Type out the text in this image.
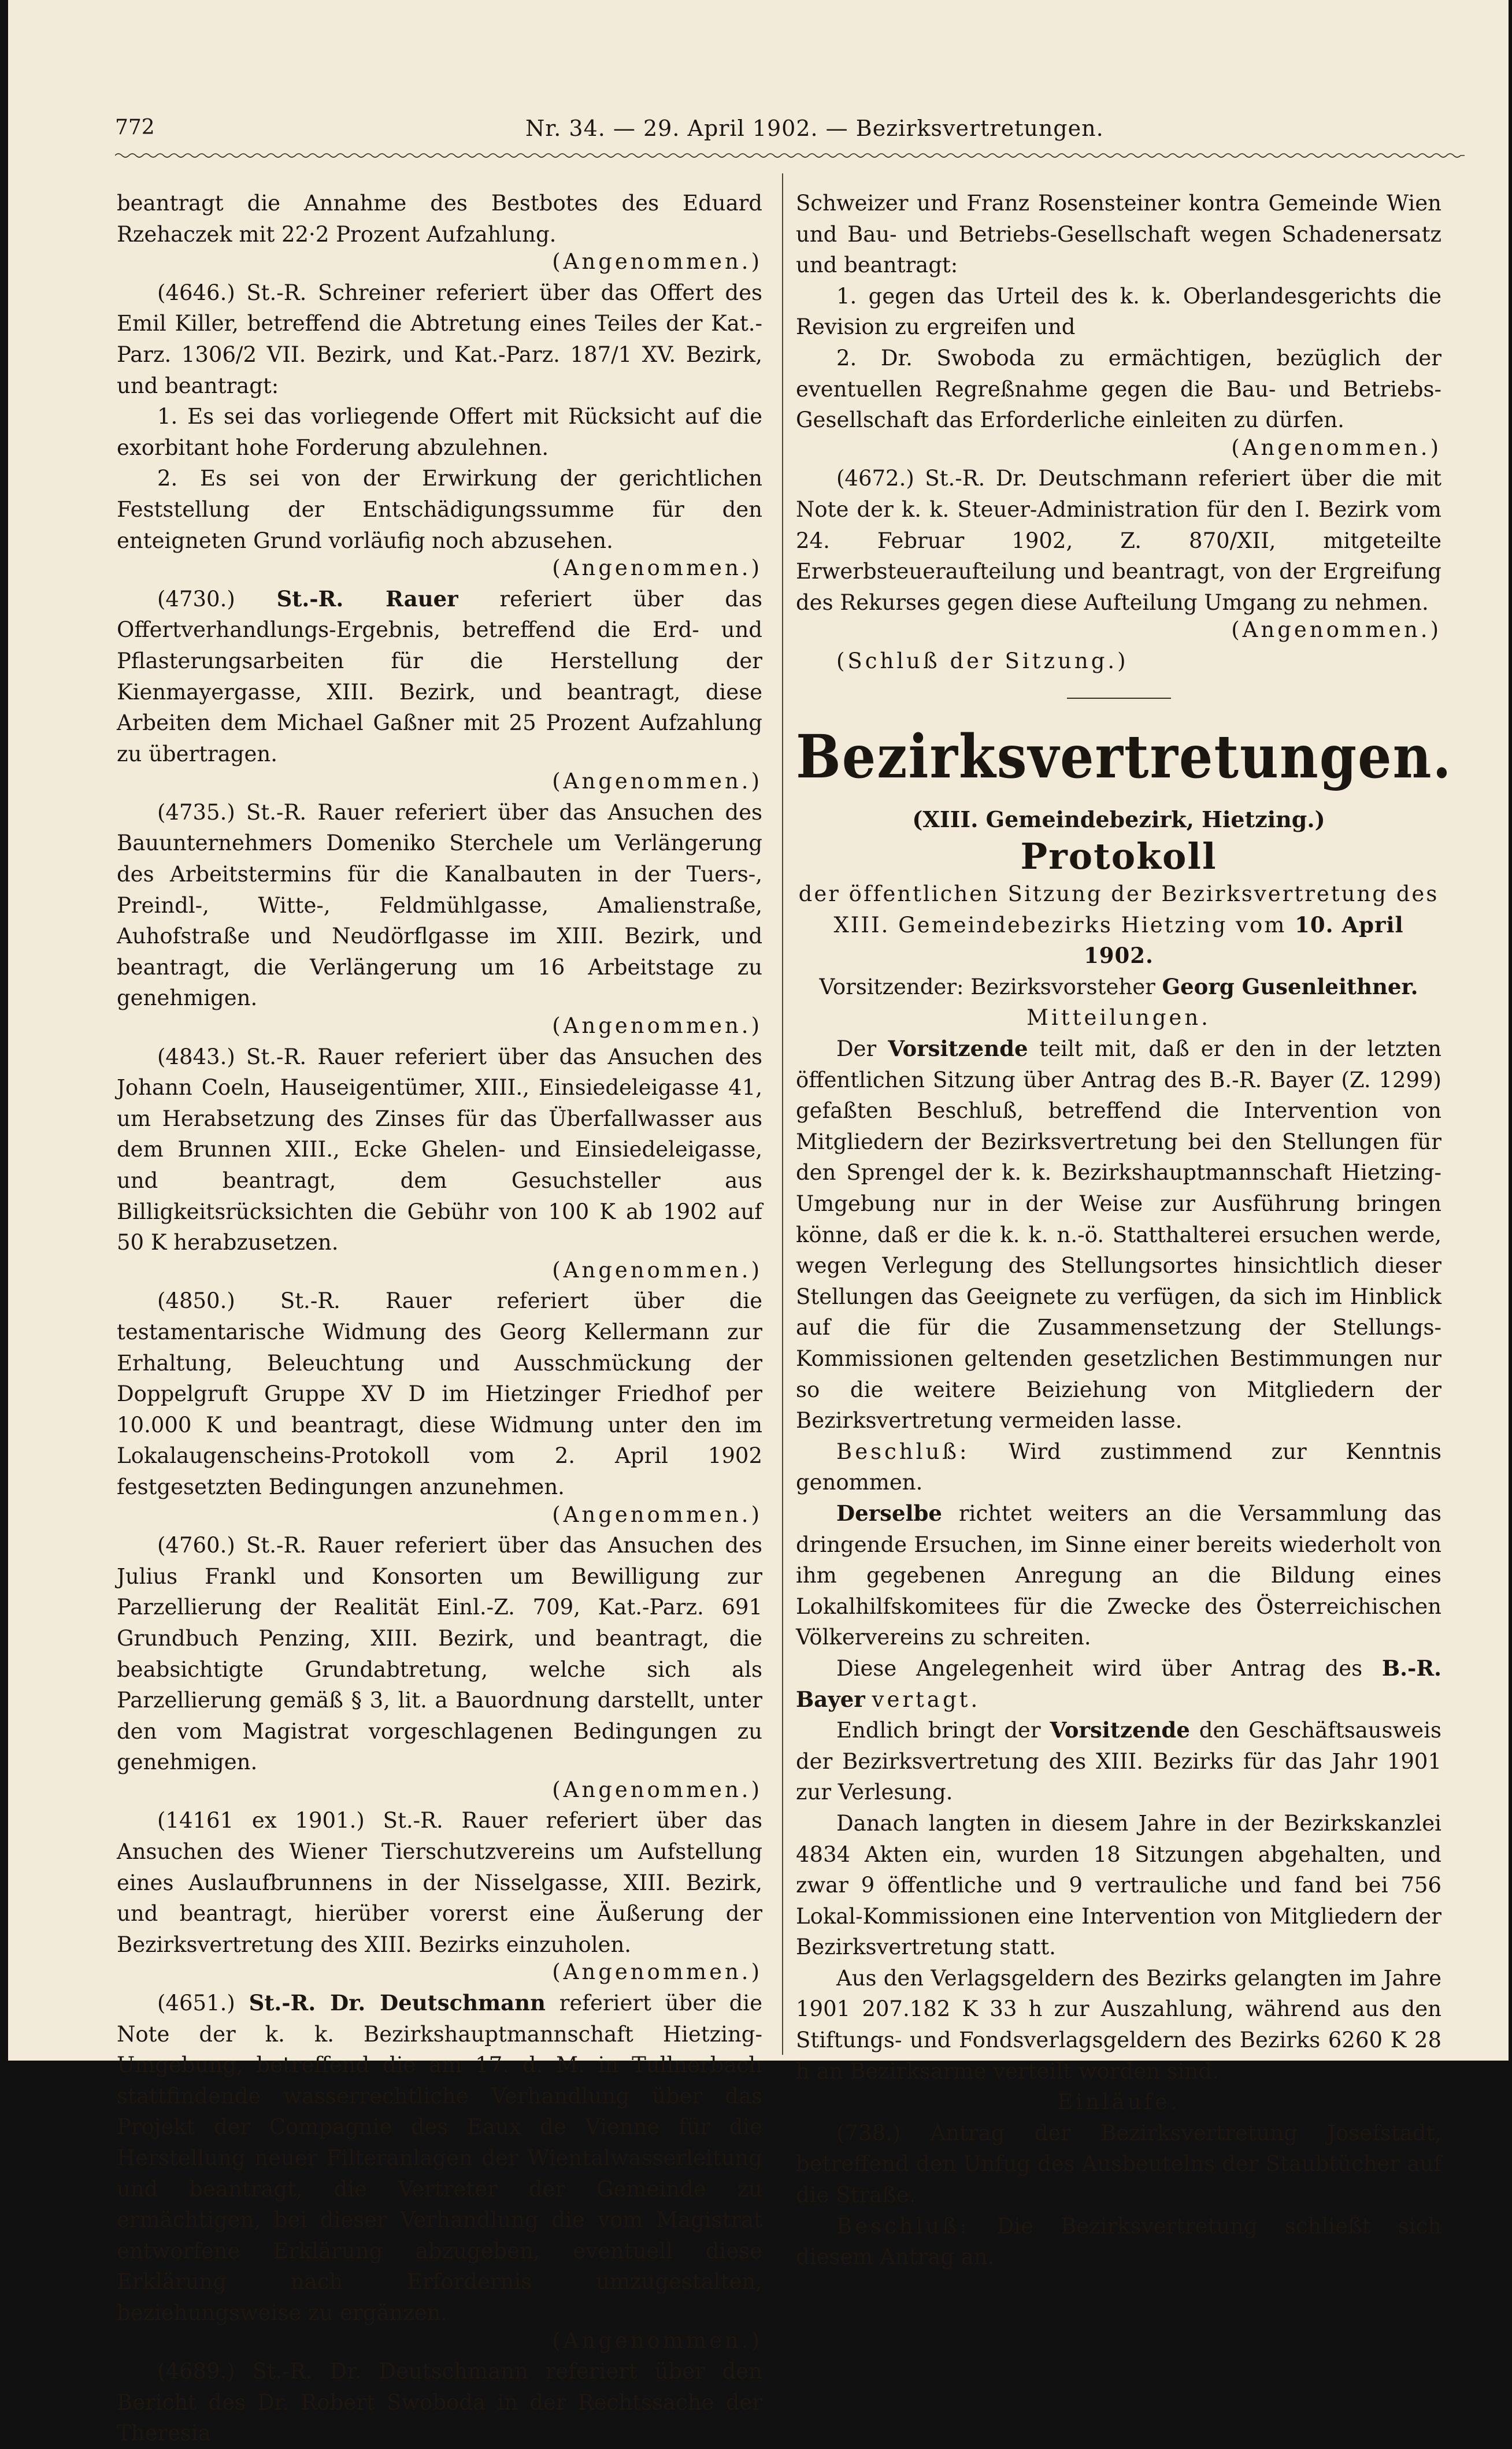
772	Nr. 34. — 29. April 1902. — Bezirksvertretungen.
beantragt die Annahme des Bestbotes des Eduard Rzehaczek mit 22·2 Prozent Aufzahlung.
(Angenommen.)
(4646.) St.-R. Schreiner referiert über das Offert des Emil Killer, betreffend die Abtretung eines Teiles der Kat.-Parz. 1306/2 VII. Bezirk, und Kat.-Parz. 187/1 XV. Bezirk, und beantragt:
1. Es sei das vorliegende Offert mit Rücksicht auf die exorbitant hohe Forderung abzulehnen.
2. Es sei von der Erwirkung der gerichtlichen Feststellung der Entschädigungssumme für den enteigneten Grund vorläufig noch abzusehen.
(Angenommen.)
(4730.) St.-R. Rauer referiert über das Offertverhandlungs-Ergebnis, betreffend die Erd- und Pflasterungsarbeiten für die Herstellung der Kienmayergasse, XIII. Bezirk, und beantragt, diese Arbeiten dem Michael Gaßner mit 25 Prozent Aufzahlung zu übertragen.
(Angenommen.)
(4735.) St.-R. Rauer referiert über das Ansuchen des Bauunternehmers Domeniko Sterchele um Verlängerung des Arbeitstermins für die Kanalbauten in der Tuers-, Preindl-, Witte-, Feldmühlgasse, Amalienstraße, Auhofstraße und Neudörflgasse im XIII. Bezirk, und beantragt, die Verlängerung um 16 Arbeitstage zu genehmigen.
(Angenommen.)
(4843.) St.-R. Rauer referiert über das Ansuchen des Johann Coeln, Hauseigentümer, XIII., Einsiedeleigasse 41, um Herabsetzung des Zinses für das Überfallwasser aus dem Brunnen XIII., Ecke Ghelen- und Einsiedeleigasse, und beantragt, dem Gesuchsteller aus Billigkeitsrücksichten die Gebühr von 100 K ab 1902 auf 50 K herabzusetzen.
(Angenommen.)
(4850.) St.-R. Rauer referiert über die testamentarische Widmung des Georg Kellermann zur Erhaltung, Beleuchtung und Ausschmückung der Doppelgruft Gruppe XV D im Hietzinger Friedhof per 10.000 K und beantragt, diese Widmung unter den im Lokalaugenscheins-Protokoll vom 2. April 1902 festgesetzten Bedingungen anzunehmen.
(Angenommen.)
(4760.) St.-R. Rauer referiert über das Ansuchen des Julius Frankl und Konsorten um Bewilligung zur Parzellierung der Realität Einl.-Z. 709, Kat.-Parz. 691 Grundbuch Penzing, XIII. Bezirk, und beantragt, die beabsichtigte Grundabtretung, welche sich als Parzellierung gemäß § 3, lit. a Bauordnung darstellt, unter den vom Magistrat vorgeschlagenen Bedingungen zu genehmigen.
(Angenommen.)
(14161 ex 1901.) St.-R. Rauer referiert über das Ansuchen des Wiener Tierschutzvereins um Aufstellung eines Auslaufbrunnens in der Nisselgasse, XIII. Bezirk, und beantragt, hierüber vorerst eine Äußerung der Bezirksvertretung des XIII. Bezirks einzuholen.
(Angenommen.)
(4651.) St.-R. Dr. Deutschmann referiert über die Note der k. k. Bezirkshauptmannschaft Hietzing-Umgebung, betreffend die am 17. d. M. in Tullnerbach stattfindende wasserrechtliche Verhandlung über das Projekt der Compagnie des Eaux de Vienne für die Herstellung neuer Filteranlagen der Wientalwasserleitung und beantragt, die Vertreter der Gemeinde zu ermächtigen, bei dieser Verhandlung die vom Magistrat entworfene Erklärung abzugeben, eventuell diese Erklärung nach Erfordernis umzugestalten, beziehungsweise zu ergänzen.
(Angenommen.)
(4689.) St.-R. Dr. Deutschmann referiert über den Bericht des Dr. Robert Swoboda in der Rechtssache der Theresia
Schweizer und Franz Rosensteiner kontra Gemeinde Wien und Bau- und Betriebs-Gesellschaft wegen Schadenersatz und beantragt:
1. gegen das Urteil des k. k. Oberlandesgerichts die Revision zu ergreifen und
2. Dr. Swoboda zu ermächtigen, bezüglich der eventuellen Regreßnahme gegen die Bau- und Betriebs-Gesellschaft das Erforderliche einleiten zu dürfen.
(Angenommen.)
(4672.) St.-R. Dr. Deutschmann referiert über die mit Note der k. k. Steuer-Administration für den I. Bezirk vom 24. Februar 1902, Z. 870/XII, mitgeteilte Erwerbsteueraufteilung und beantragt, von der Ergreifung des Rekurses gegen diese Aufteilung Umgang zu nehmen.
(Angenommen.)
(Schluß der Sitzung.)
Bezirksvertretungen.
(XIII. Gemeindebezirk, Hietzing.)
Protokoll
der öffentlichen Sitzung der Bezirksvertretung des
XIII. Gemeindebezirks Hietzing vom 10. April 1902.
Vorsitzender: Bezirksvorsteher Georg Gusenleithner.
Mitteilungen.
Der Vorsitzende teilt mit, daß er den in der letzten öffentlichen Sitzung über Antrag des B.-R. Bayer (Z. 1299) gefaßten Beschluß, betreffend die Intervention von Mitgliedern der Bezirksvertretung bei den Stellungen für den Sprengel der k. k. Bezirkshauptmannschaft Hietzing-Umgebung nur in der Weise zur Ausführung bringen könne, daß er die k. k. n.-ö. Statthalterei ersuchen werde, wegen Verlegung des Stellungsortes hinsichtlich dieser Stellungen das Geeignete zu verfügen, da sich im Hinblick auf die für die Zusammensetzung der Stellungs-Kommissionen geltenden gesetzlichen Bestimmungen nur so die weitere Beiziehung von Mitgliedern der Bezirksvertretung vermeiden lasse.
Beschluß: Wird zustimmend zur Kenntnis genommen.
Derselbe richtet weiters an die Versammlung das dringende Ersuchen, im Sinne einer bereits wiederholt von ihm gegebenen Anregung an die Bildung eines Lokalhilfskomitees für die Zwecke des Österreichischen Völkervereins zu schreiten.
Diese Angelegenheit wird über Antrag des B.-R. Bayer vertagt.
Endlich bringt der Vorsitzende den Geschäftsausweis der Bezirksvertretung des XIII. Bezirks für das Jahr 1901 zur Verlesung.
Danach langten in diesem Jahre in der Bezirkskanzlei 4834 Akten ein, wurden 18 Sitzungen abgehalten, und zwar 9 öffentliche und 9 vertrauliche und fand bei 756 Lokal-Kommissionen eine Intervention von Mitgliedern der Bezirksvertretung statt.
Aus den Verlagsgeldern des Bezirks gelangten im Jahre 1901 207.182 K 33 h zur Auszahlung, während aus den Stiftungs- und Fondsverlagsgeldern des Bezirks 6260 K 28 h an Bezirksarme verteilt worden sind.
Einläufe.
(738.) Antrag der Bezirksvertretung Josefstadt, betreffend den Unfug des Ausbeutelns der Staubtücher auf die Straße.
Beschluß: Die Bezirksvertretung schließt sich diesem Antrag an.
